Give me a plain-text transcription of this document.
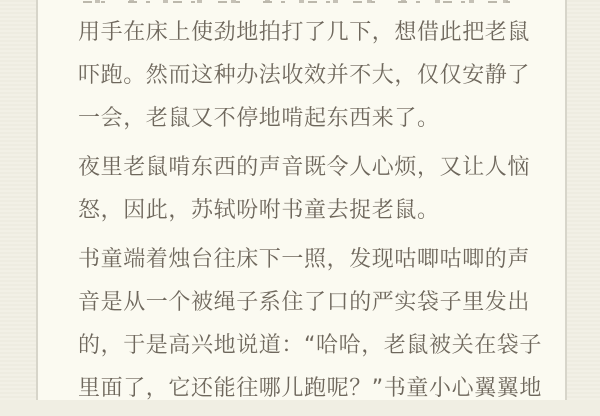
用手在床上使劲地拍打了几下，想借此把老鼠
吓跑。然而这种办法收效并不大，仅仅安静了
一会，老鼠又不停地啃起东西来了。
夜里老鼠啃东西的声音既令人心烦，又让人恼
怒，因此，苏轼吩咐书童去捉老鼠。
书童端着烛台往床下一照，发现咕唧咕唧的声
音是从一个被绳子系住了口的严实袋子里发出
的，于是高兴地说道：“哈哈，老鼠被关在袋子
里面了，它还能往哪儿跑呢？”书童小心翼翼地
